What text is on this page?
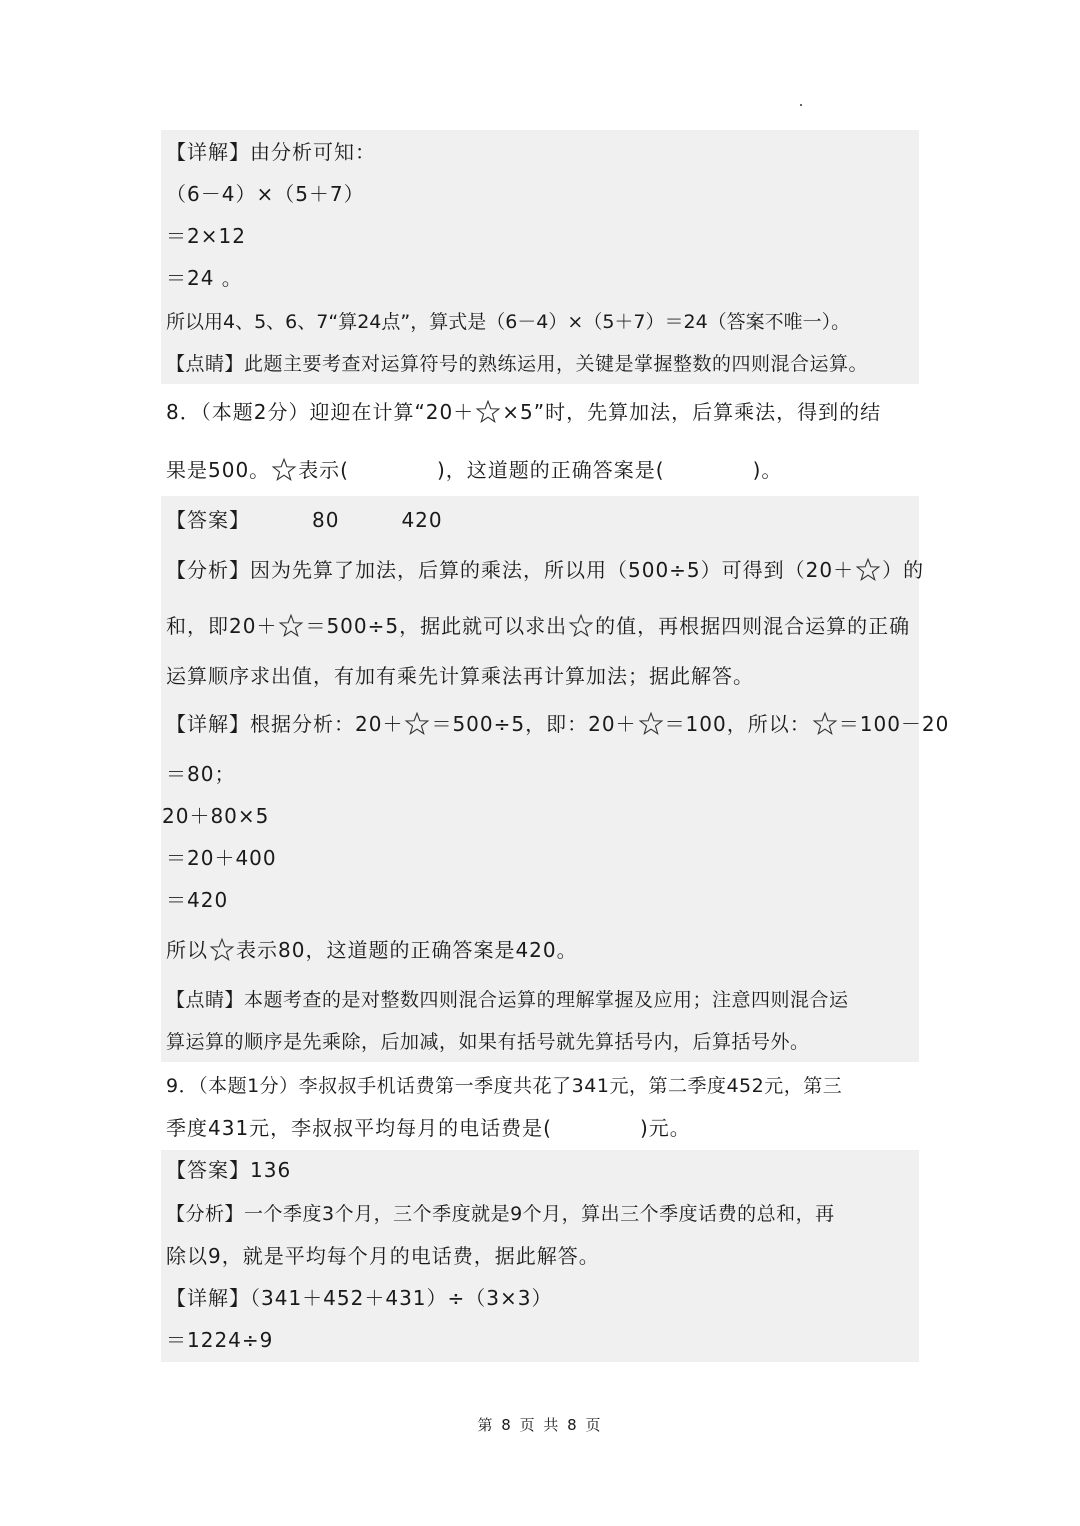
【详解】由分析可知：
（6－4）×（5＋7）
＝2×12
＝24 。
所以用4、5、6、7“算24点”，算式是（6－4）×（5＋7）＝24（答案不唯一）。
【点睛】此题主要考查对运算符号的熟练运用，关键是掌握整数的四则混合运算。
8．（本题2分）迎迎在计算“20＋ ×5”时，先算加法，后算乘法，得到的结
果是500。 表示(	)，这道题的正确答案是(	)。
【答案】	80	420
【分析】因为先算了加法，后算的乘法，所以用（500÷5）可得到（20＋ ）的
和，即20＋ ＝500÷5，据此就可以求出 的值，再根据四则混合运算的正确
运算顺序求出值，有加有乘先计算乘法再计算加法；据此解答。
【详解】根据分析：20＋ ＝500÷5，即：20＋ ＝100，所以： ＝100－20
＝80；
20＋80×5
＝20＋400
＝420
所以 表示80，这道题的正确答案是420。
【点睛】本题考查的是对整数四则混合运算的理解掌握及应用；注意四则混合运
算运算的顺序是先乘除，后加减，如果有括号就先算括号内，后算括号外。
9．（本题1分）李叔叔手机话费第一季度共花了341元，第二季度452元，第三
季度431元，李叔叔平均每月的电话费是(	)元。
【答案】136
【分析】一个季度3个月，三个季度就是9个月，算出三个季度话费的总和，再
除以9，就是平均每个月的电话费，据此解答。
【详解】（341＋452＋431）÷（3×3）
＝1224÷9
第 8 页 共 8 页
